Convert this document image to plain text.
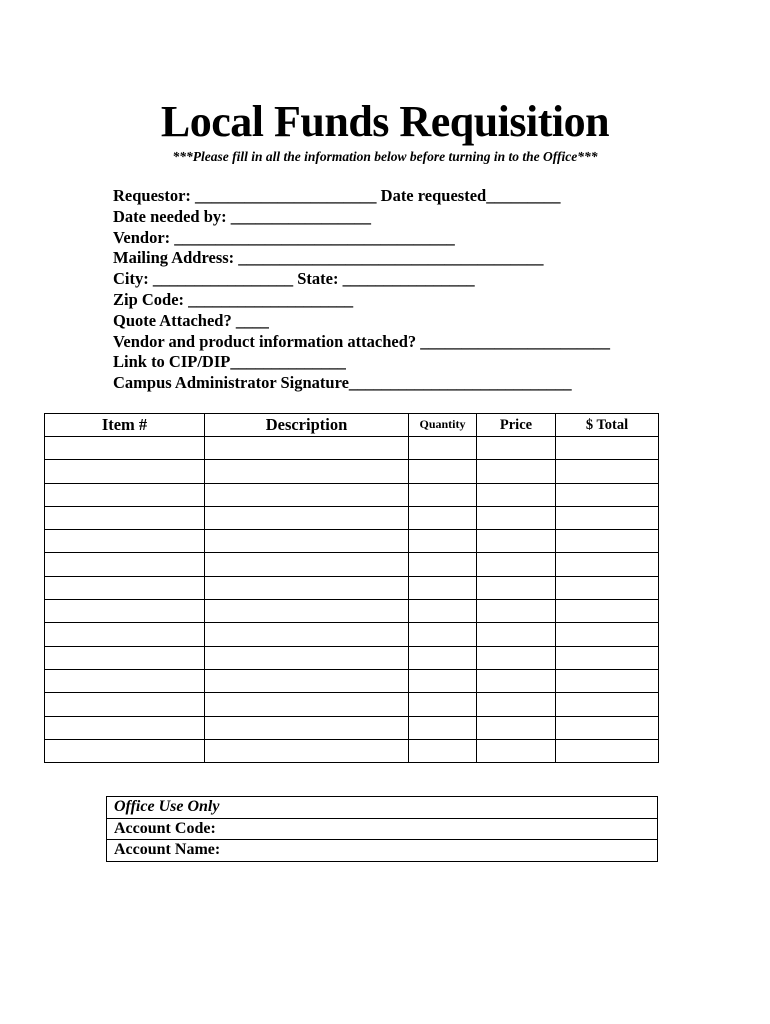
Local Funds Requisition
***Please fill in all the information below before turning in to the Office***
Requestor: ______________________ Date requested_________
Date needed by: _________________
Vendor: __________________________________
Mailing Address: _____________________________________
City: _________________ State: ________________
Zip Code: ____________________
Quote Attached? ____
Vendor and product information attached? _______________________
Link to CIP/DIP______________
Campus Administrator Signature___________________________
Item #	Description	Quantity	Price	$ Total

Office Use Only
Account Code:
Account Name:
